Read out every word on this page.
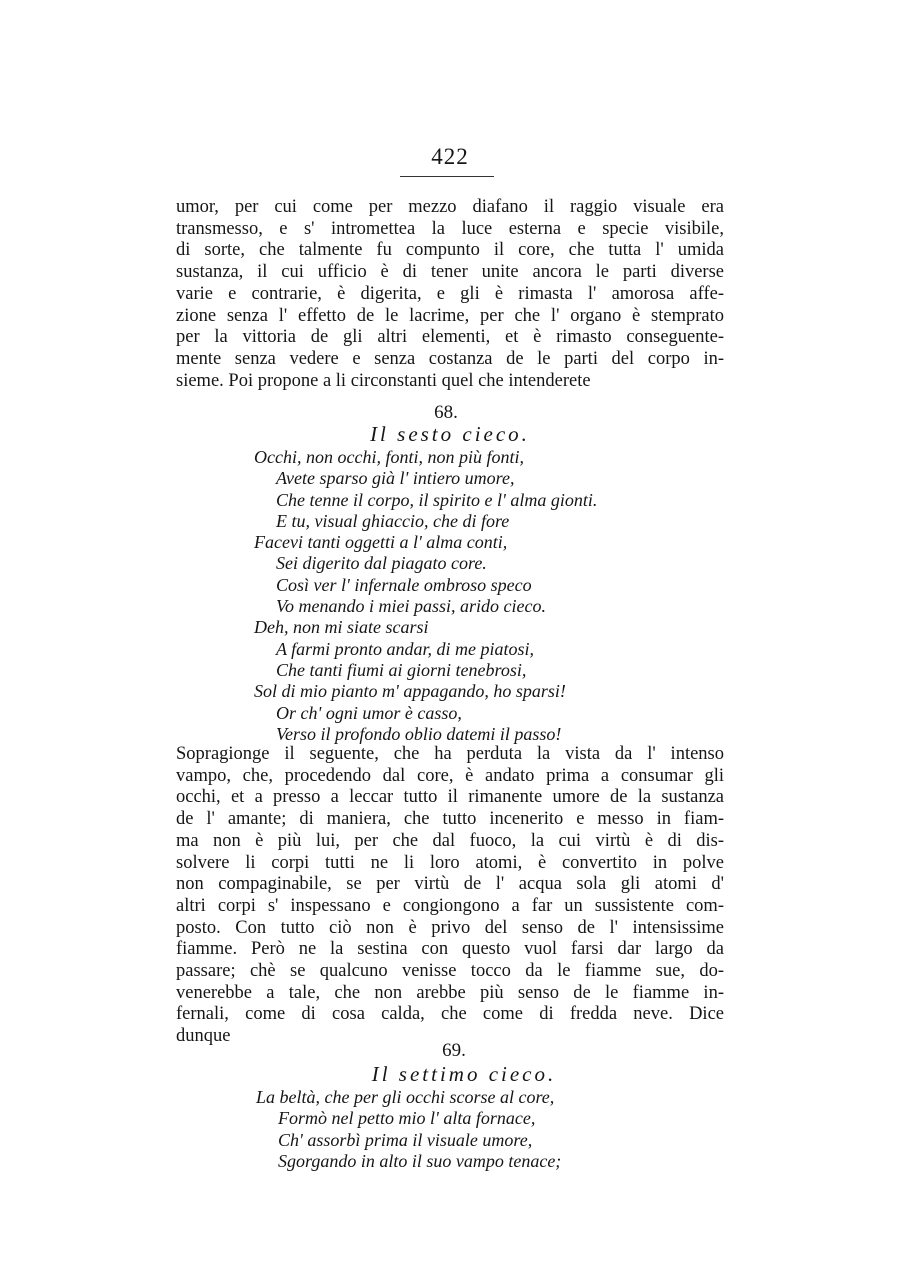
422
umor, per cui come per mezzo diafano il raggio visuale era
transmesso, e s' intromettea la luce esterna e specie visibile,
di sorte, che talmente fu compunto il core, che tutta l' umida
sustanza, il cui ufficio è di tener unite ancora le parti diverse
varie e contrarie, è digerita, e gli è rimasta l' amorosa affe-
zione senza l' effetto de le lacrime, per che l' organo è stemprato
per la vittoria de gli altri elementi, et è rimasto conseguente-
mente senza vedere e senza costanza de le parti del corpo in-
sieme. Poi propone a li circonstanti quel che intenderete
68.
Il sesto cieco.
Occhi, non occhi, fonti, non più fonti,
Avete sparso già l' intiero umore,
Che tenne il corpo, il spirito e l' alma gionti.
E tu, visual ghiaccio, che di fore
Facevi tanti oggetti a l' alma conti,
Sei digerito dal piagato core.
Così ver l' infernale ombroso speco
Vo menando i miei passi, arido cieco.
Deh, non mi siate scarsi
A farmi pronto andar, di me piatosi,
Che tanti fiumi ai giorni tenebrosi,
Sol di mio pianto m' appagando, ho sparsi!
Or ch' ogni umor è casso,
Verso il profondo oblio datemi il passo!
Sopragionge il seguente, che ha perduta la vista da l' intenso
vampo, che, procedendo dal core, è andato prima a consumar gli
occhi, et a presso a leccar tutto il rimanente umore de la sustanza
de l' amante; di maniera, che tutto incenerito e messo in fiam-
ma non è più lui, per che dal fuoco, la cui virtù è di dis-
solvere li corpi tutti ne li loro atomi, è convertito in polve
non compaginabile, se per virtù de l' acqua sola gli atomi d'
altri corpi s' inspessano e congiongono a far un sussistente com-
posto. Con tutto ciò non è privo del senso de l' intensissime
fiamme. Però ne la sestina con questo vuol farsi dar largo da
passare; chè se qualcuno venisse tocco da le fiamme sue, do-
venerebbe a tale, che non arebbe più senso de le fiamme in-
fernali, come di cosa calda, che come di fredda neve. Dice
dunque
69.
Il settimo cieco.
La beltà, che per gli occhi scorse al core,
Formò nel petto mio l' alta fornace,
Ch' assorbì prima il visuale umore,
Sgorgando in alto il suo vampo tenace;
